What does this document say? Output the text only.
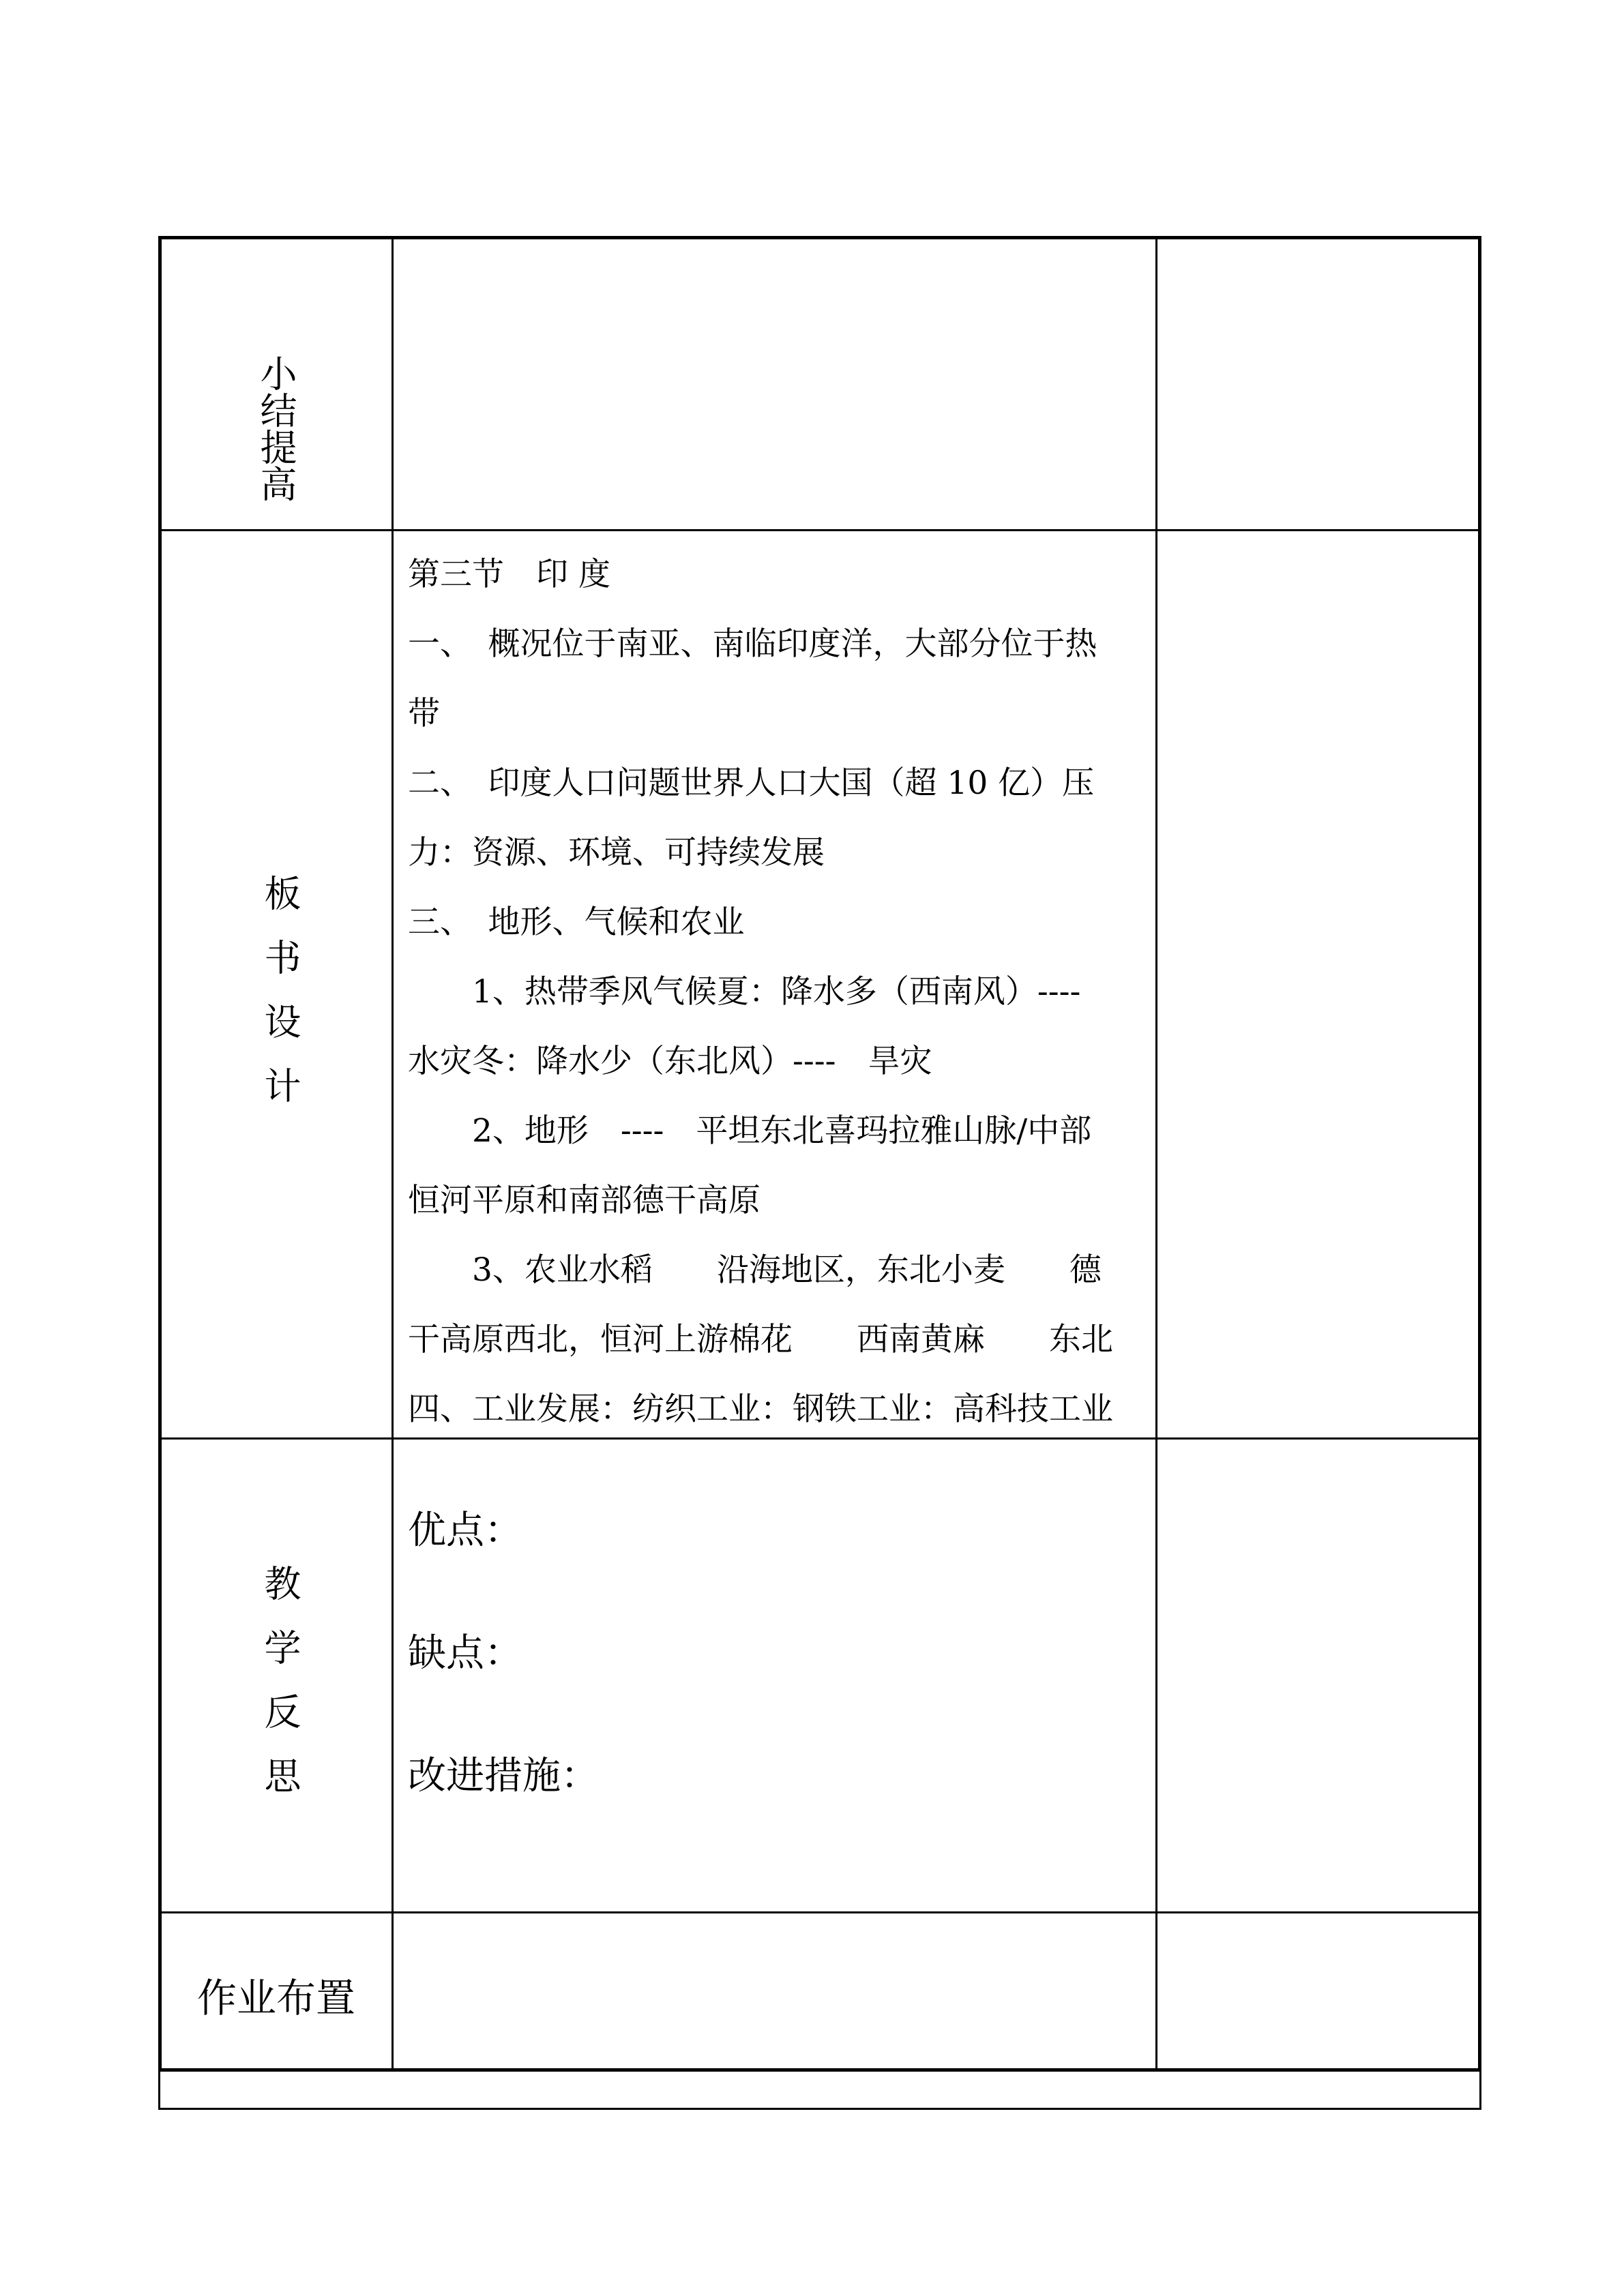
小结提高
板书设计
第三节　印 度
一、　概况位于南亚、南临印度洋，大部分位于热
带
二、　印度人口问题世界人口大国（超 10 亿）压
力：资源、环境、可持续发展
三、　地形、气候和农业
　　1、热带季风气候夏：降水多（西南风）----
水灾冬：降水少（东北风）----　旱灾
　　2、地形　----　平坦东北喜玛拉雅山脉/中部
恒河平原和南部德干高原
　　3、农业水稻　　沿海地区，东北小麦　　德
干高原西北，恒河上游棉花　　西南黄麻　　东北
四、工业发展：纺织工业：钢铁工业：高科技工业
教学反思
优点：
缺点：
改进措施：
作业布置
